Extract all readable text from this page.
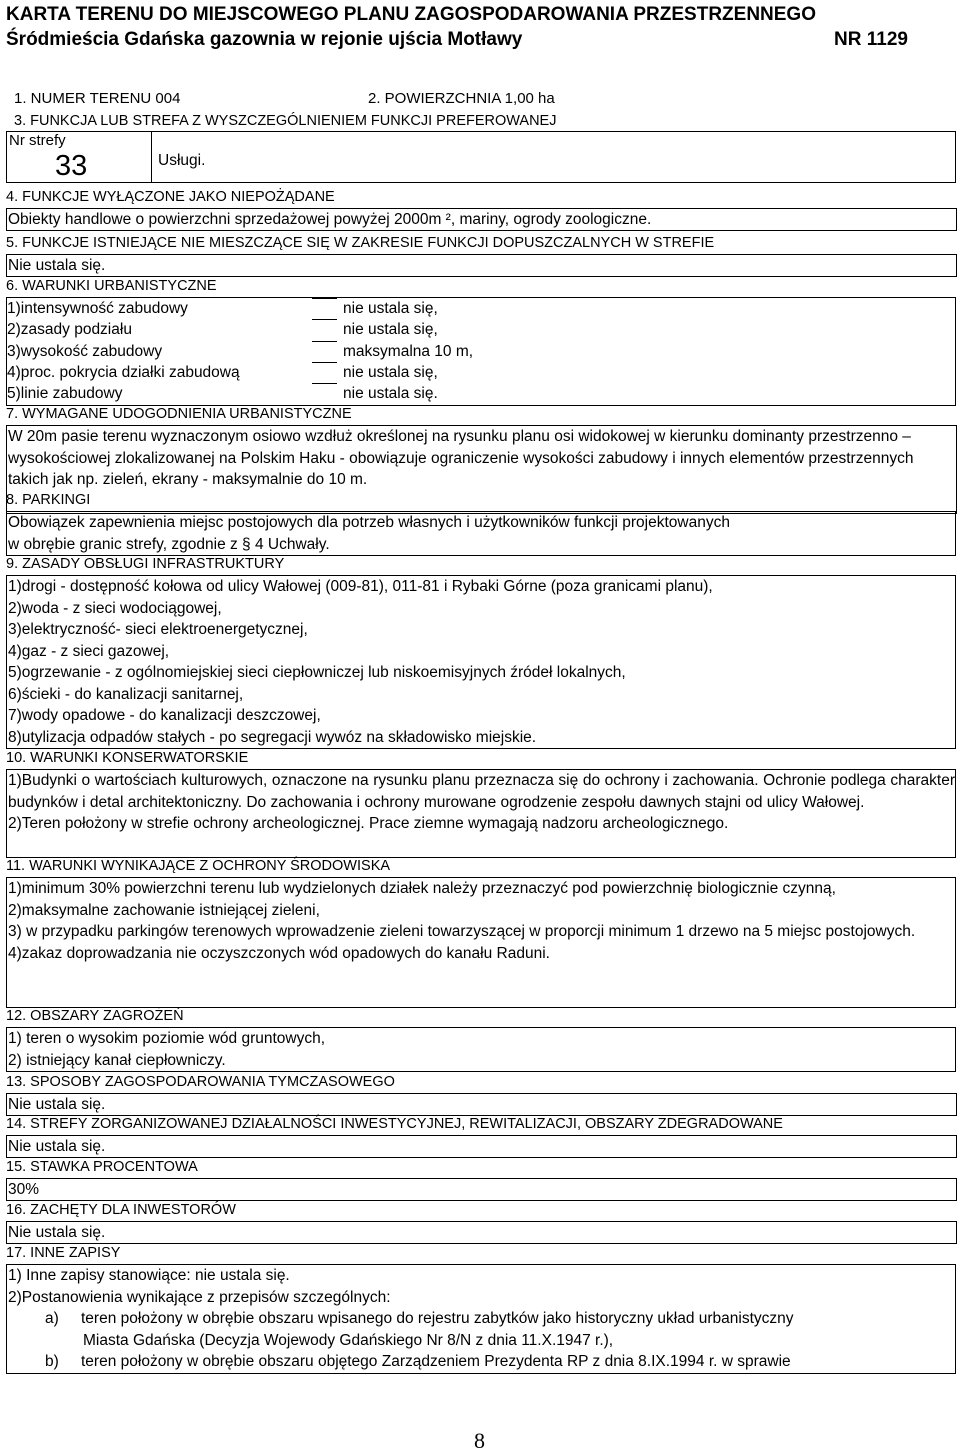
KARTA TERENU DO MIEJSCOWEGO PLANU ZAGOSPODAROWANIA PRZESTRZENNEGO
Śródmieścia Gdańska gazownia w rejonie ujścia Motławy	NR 1129
1. NUMER TERENU 004	2. POWIERZCHNIA 1,00 ha
3. FUNKCJA LUB STREFA Z WYSZCZEGÓLNIENIEM FUNKCJI PREFEROWANEJ
Nr strefy
33	Usługi.
4. FUNKCJE WYŁĄCZONE JAKO NIEPOŻĄDANE
Obiekty handlowe o powierzchni sprzedażowej powyżej 2000m ², mariny, ogrody zoologiczne.
5. FUNKCJE ISTNIEJĄCE NIE MIESZCZĄCE SIĘ W ZAKRESIE FUNKCJI DOPUSZCZALNYCH W STREFIE
Nie ustala się.
6. WARUNKI URBANISTYCZNE
1)intensywność zabudowy	nie ustala się,
2)zasady podziału	nie ustala się,
3)wysokość zabudowy	maksymalna 10 m,
4)proc. pokrycia działki zabudową	nie ustala się,
5)linie zabudowy	nie ustala się.
7. WYMAGANE UDOGODNIENIA URBANISTYCZNE
W 20m pasie terenu wyznaczonym osiowo wzdłuż określonej na rysunku planu osi widokowej w kierunku dominanty przestrzenno – wysokościowej zlokalizowanej na Polskim Haku - obowiązuje ograniczenie wysokości zabudowy i innych elementów przestrzennych takich jak np. zieleń, ekrany - maksymalnie do 10 m.
8. PARKINGI
Obowiązek zapewnienia miejsc postojowych dla potrzeb własnych i użytkowników funkcji projektowanych
w obrębie granic strefy, zgodnie z § 4 Uchwały.
9. ZASADY OBSŁUGI INFRASTRUKTURY
1)drogi - dostępność kołowa od ulicy Wałowej (009-81), 011-81 i Rybaki Górne (poza granicami planu),
2)woda - z sieci wodociągowej,
3)elektryczność- sieci elektroenergetycznej,
4)gaz - z sieci gazowej,
5)ogrzewanie - z ogólnomiejskiej sieci ciepłowniczej lub niskoemisyjnych źródeł lokalnych,
6)ścieki - do kanalizacji sanitarnej,
7)wody opadowe - do kanalizacji deszczowej,
8)utylizacja odpadów stałych - po segregacji wywóz na składowisko miejskie.
10. WARUNKI KONSERWATORSKIE
1)Budynki o wartościach kulturowych, oznaczone na rysunku planu przeznacza się do ochrony i zachowania. Ochronie podlega charakter budynków i detal architektoniczny. Do zachowania i ochrony murowane ogrodzenie zespołu dawnych stajni od ulicy Wałowej.
2)Teren położony w strefie ochrony archeologicznej. Prace ziemne wymagają nadzoru archeologicznego.
11. WARUNKI WYNIKAJĄCE Z OCHRONY ŚRODOWISKA
1)minimum 30% powierzchni terenu lub wydzielonych działek należy przeznaczyć pod powierzchnię biologicznie czynną,
2)maksymalne zachowanie istniejącej zieleni,
3) w przypadku parkingów terenowych wprowadzenie zieleni towarzyszącej w proporcji minimum 1 drzewo na 5 miejsc postojowych.
4)zakaz doprowadzania nie oczyszczonych wód opadowych do kanału Raduni.
12. OBSZARY ZAGROŻEŃ
1) teren o wysokim poziomie wód gruntowych,
2) istniejący kanał ciepłowniczy.
13. SPOSOBY ZAGOSPODAROWANIA TYMCZASOWEGO
Nie ustala się.
14. STREFY ZORGANIZOWANEJ DZIAŁALNOŚCI INWESTYCYJNEJ, REWITALIZACJI, OBSZARY ZDEGRADOWANE
Nie ustala się.
15. STAWKA PROCENTOWA
30%
16. ZACHĘTY DLA INWESTORÓW
Nie ustala się.
17. INNE ZAPISY
1) Inne zapisy stanowiące: nie ustala się.
2)Postanowienia wynikające z przepisów szczególnych:
a)	teren położony w obrębie obszaru wpisanego do rejestru zabytków jako historyczny układ urbanistyczny
Miasta Gdańska (Decyzja Wojewody Gdańskiego Nr 8/N z dnia 11.X.1947 r.),
b)	teren położony w obrębie obszaru objętego Zarządzeniem Prezydenta RP z dnia 8.IX.1994 r. w sprawie
8
